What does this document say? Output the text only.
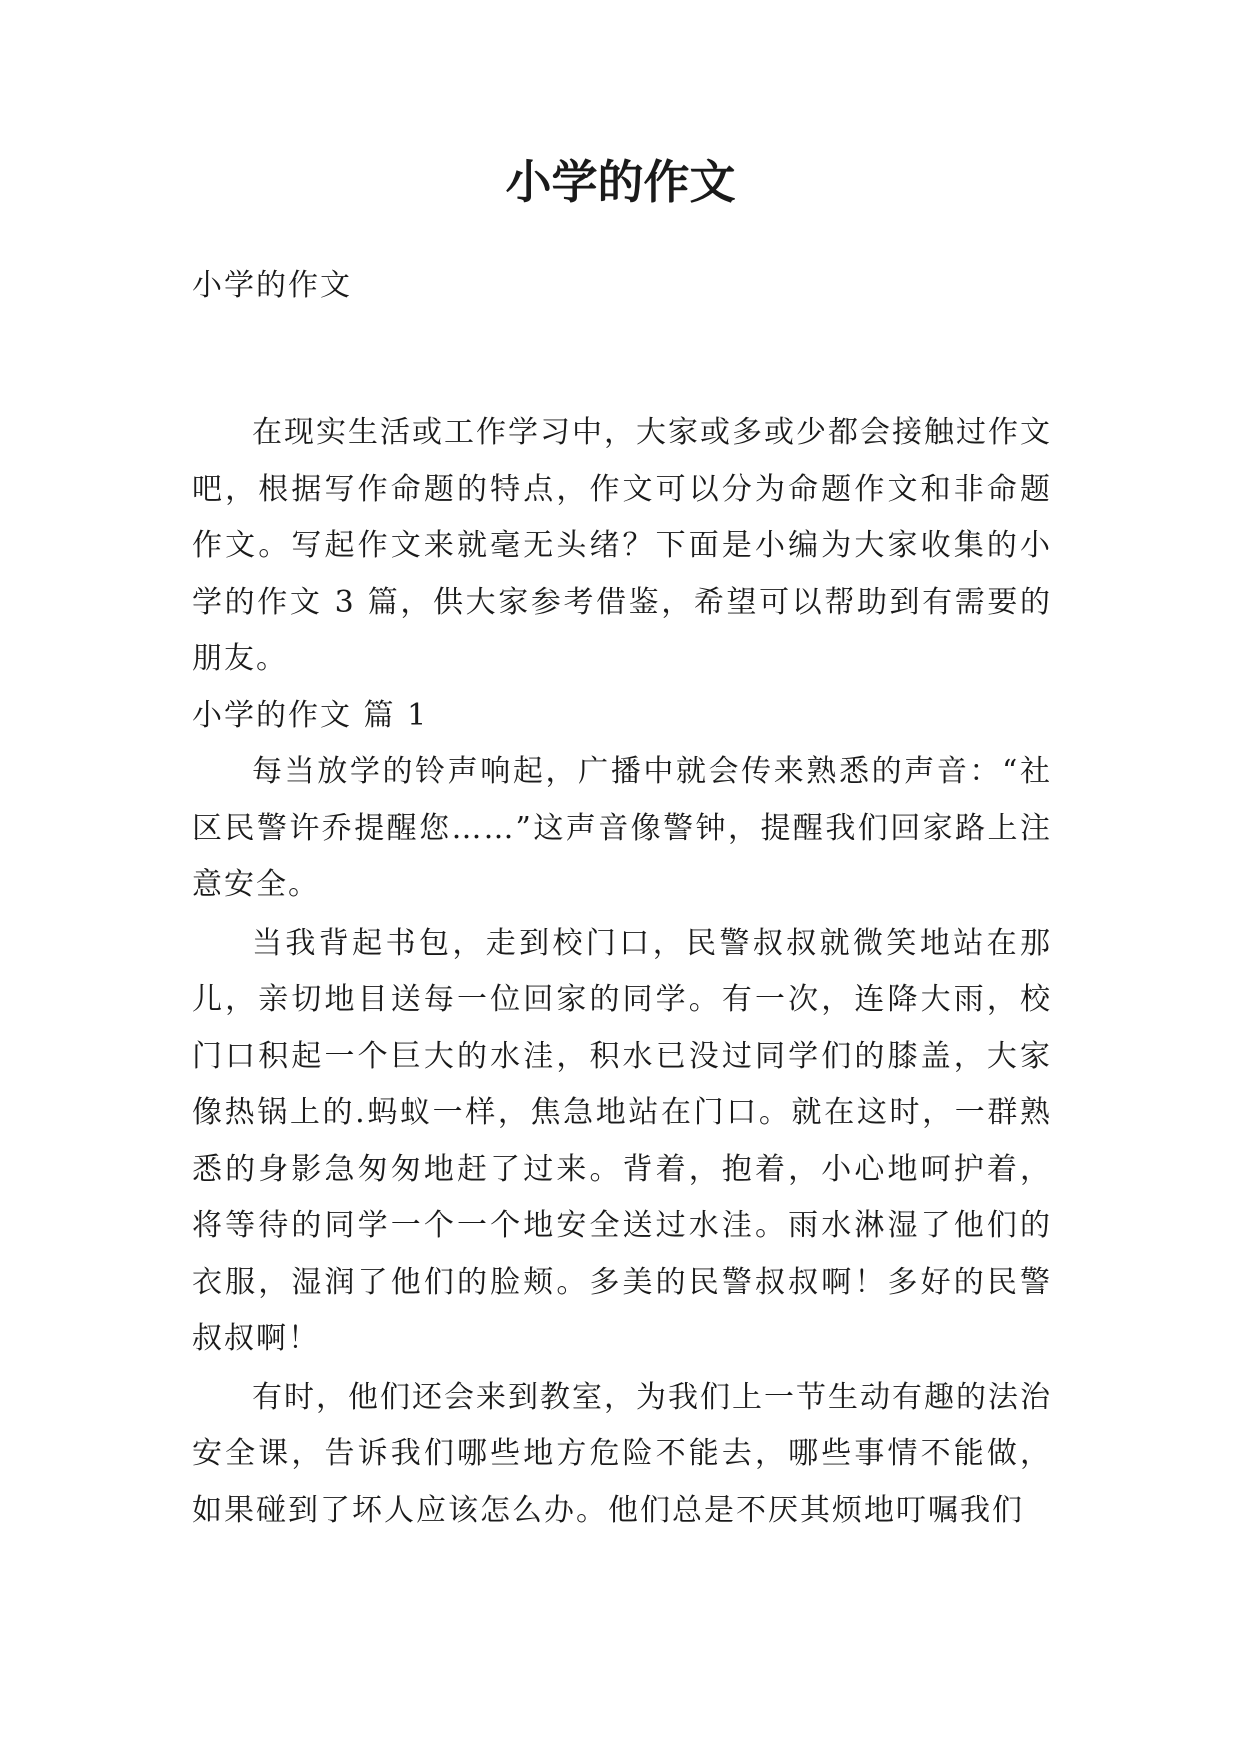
小学的作文

小学的作文

在现实生活或工作学习中，大家或多或少都会接触过作文吧，根据写作命题的特点，作文可以分为命题作文和非命题作文。写起作文来就毫无头绪？下面是小编为大家收集的小学的作文 3 篇，供大家参考借鉴，希望可以帮助到有需要的朋友。

小学的作文 篇 1

每当放学的铃声响起，广播中就会传来熟悉的声音：“社区民警许乔提醒您……”这声音像警钟，提醒我们回家路上注意安全。

当我背起书包，走到校门口，民警叔叔就微笑地站在那儿，亲切地目送每一位回家的同学。有一次，连降大雨，校门口积起一个巨大的水洼，积水已没过同学们的膝盖，大家像热锅上的.蚂蚁一样，焦急地站在门口。就在这时，一群熟悉的身影急匆匆地赶了过来。背着，抱着，小心地呵护着，将等待的同学一个一个地安全送过水洼。雨水淋湿了他们的衣服，湿润了他们的脸颊。多美的民警叔叔啊！多好的民警叔叔啊！

有时，他们还会来到教室，为我们上一节生动有趣的法治安全课，告诉我们哪些地方危险不能去，哪些事情不能做，如果碰到了坏人应该怎么办。他们总是不厌其烦地叮嘱我们
